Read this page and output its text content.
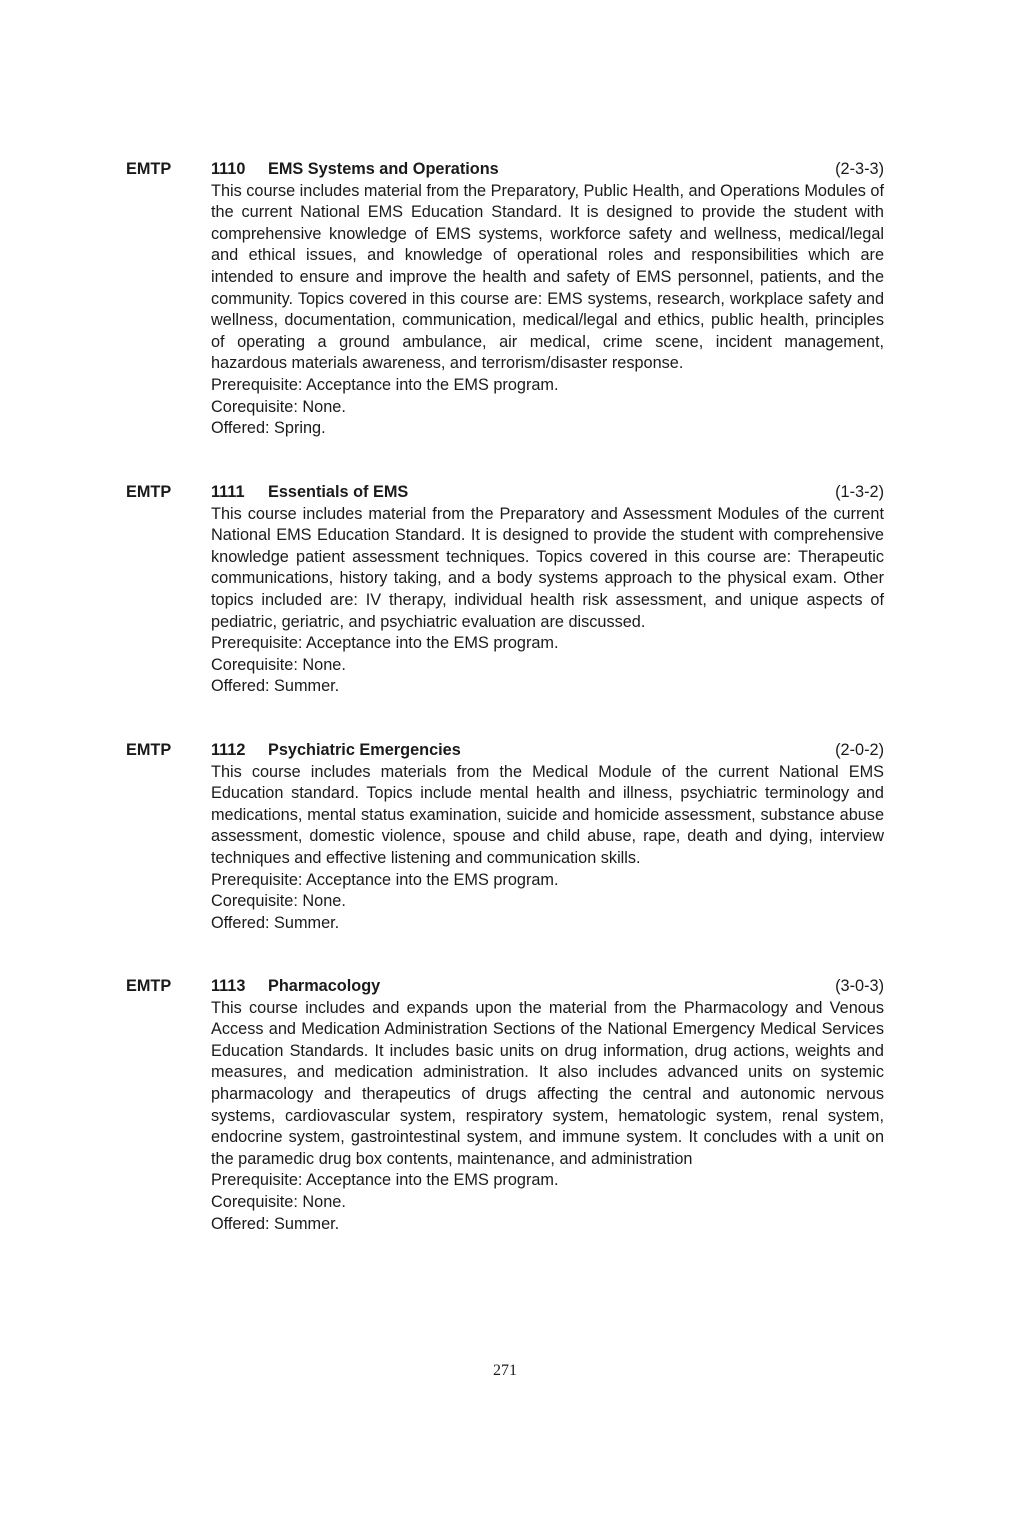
EMTP	1110	EMS Systems and Operations	(2-3-3)

This course includes material from the Preparatory, Public Health, and Operations Modules of the current National EMS Education Standard. It is designed to provide the student with comprehensive knowledge of EMS systems, workforce safety and wellness, medical/legal and ethical issues, and knowledge of operational roles and responsibilities which are intended to ensure and improve the health and safety of EMS personnel, patients, and the community. Topics covered in this course are: EMS systems, research, workplace safety and wellness, documentation, communication, medical/legal and ethics, public health, principles of operating a ground ambulance, air medical, crime scene, incident management, hazardous materials awareness, and terrorism/disaster response.

Prerequisite: Acceptance into the EMS program.

Corequisite: None.

Offered: Spring.

EMTP	1111	Essentials of EMS	(1-3-2)

This course includes material from the Preparatory and Assessment Modules of the current National EMS Education Standard. It is designed to provide the student with comprehensive knowledge patient assessment techniques. Topics covered in this course are: Therapeutic communications, history taking, and a body systems approach to the physical exam. Other topics included are: IV therapy, individual health risk assessment, and unique aspects of pediatric, geriatric, and psychiatric evaluation are discussed.

Prerequisite: Acceptance into the EMS program.

Corequisite: None.

Offered: Summer.

EMTP	1112	Psychiatric Emergencies	(2-0-2)

This course includes materials from the Medical Module of the current National EMS Education standard. Topics include mental health and illness, psychiatric terminology and medications, mental status examination, suicide and homicide assessment, substance abuse assessment, domestic violence, spouse and child abuse, rape, death and dying, interview techniques and effective listening and communication skills.

Prerequisite: Acceptance into the EMS program.

Corequisite: None.

Offered: Summer.

EMTP	1113	Pharmacology	(3-0-3)

This course includes and expands upon the material from the Pharmacology and Venous Access and Medication Administration Sections of the National Emergency Medical Services Education Standards. It includes basic units on drug information, drug actions, weights and measures, and medication administration. It also includes advanced units on systemic pharmacology and therapeutics of drugs affecting the central and autonomic nervous systems, cardiovascular system, respiratory system, hematologic system, renal system, endocrine system, gastrointestinal system, and immune system. It concludes with a unit on the paramedic drug box contents, maintenance, and administration

Prerequisite: Acceptance into the EMS program.

Corequisite: None.

Offered: Summer.

271
